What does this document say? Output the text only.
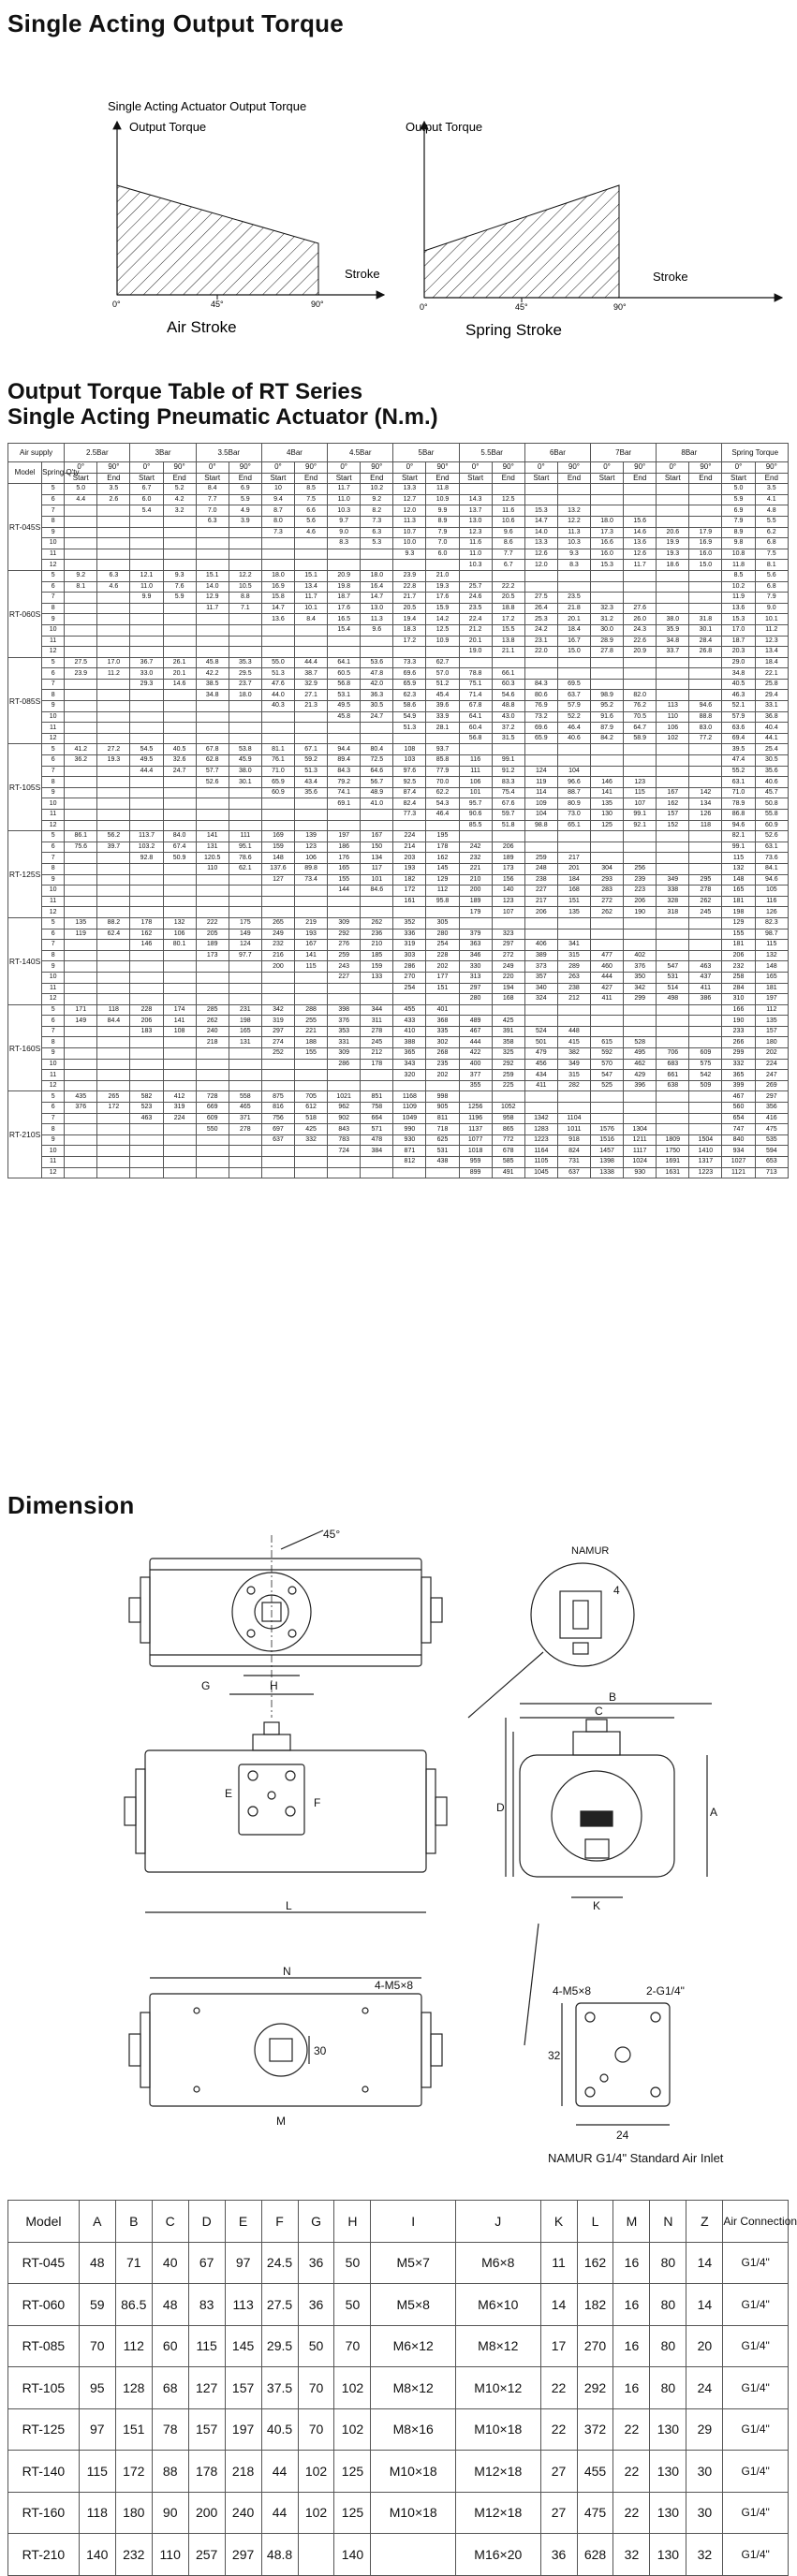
Single Acting Output Torque
Single Acting Actuator Output Torque
Output Torque
0°	45°	90°
Stroke
Air Stroke
Output Torque
0°	45°	90°
Stroke
Spring Stroke
Output Torque Table of RT Series
Single Acting Pneumatic Actuator (N.m.)
Air supply		2.5Bar		3Bar		3.5Bar		4Bar		4.5Bar		5Bar		5.5Bar		6Bar		7Bar		8Bar		Spring Torque	
Model	Spring Q'ty	0°	90°	0°	90°	0°	90°	0°	90°	0°	90°	0°	90°	0°	90°	0°	90°	0°	90°	0°	90°	0°	90°
		Start	End	Start	End	Start	End	Start	End	Start	End	Start	End	Start	End	Start	End	Start	End	Start	End	Start	End
RT-045S	5	5.0	3.5	6.7	5.2	8.4	6.9	10	8.5	11.7	10.2	13.3	11.8									5.0	3.5
	6	4.4	2.6	6.0	4.2	7.7	5.9	9.4	7.5	11.0	9.2	12.7	10.9	14.3	12.5							5.9	4.1
	7			5.4	3.2	7.0	4.9	8.7	6.6	10.3	8.2	12.0	9.9	13.7	11.6	15.3	13.2					6.9	4.8
	8					6.3	3.9	8.0	5.6	9.7	7.3	11.3	8.9	13.0	10.6	14.7	12.2	18.0	15.6			7.9	5.5
	9							7.3	4.6	9.0	6.3	10.7	7.9	12.3	9.6	14.0	11.3	17.3	14.6	20.6	17.9	8.9	6.2
	10									8.3	5.3	10.0	7.0	11.6	8.6	13.3	10.3	16.6	13.6	19.9	16.9	9.8	6.8
	11											9.3	6.0	11.0	7.7	12.6	9.3	16.0	12.6	19.3	16.0	10.8	7.5
	12													10.3	6.7	12.0	8.3	15.3	11.7	18.6	15.0	11.8	8.1
RT-060S	5	9.2	6.3	12.1	9.3	15.1	12.2	18.0	15.1	20.9	18.0	23.9	21.0									8.5	5.6
	6	8.1	4.6	11.0	7.6	14.0	10.5	16.9	13.4	19.8	16.4	22.8	19.3	25.7	22.2							10.2	6.8
	7			9.9	5.9	12.9	8.8	15.8	11.7	18.7	14.7	21.7	17.6	24.6	20.5	27.5	23.5					11.9	7.9
	8					11.7	7.1	14.7	10.1	17.6	13.0	20.5	15.9	23.5	18.8	26.4	21.8	32.3	27.6			13.6	9.0
	9							13.6	8.4	16.5	11.3	19.4	14.2	22.4	17.2	25.3	20.1	31.2	26.0	38.0	31.8	15.3	10.1
	10									15.4	9.6	18.3	12.5	21.2	15.5	24.2	18.4	30.0	24.3	35.9	30.1	17.0	11.2
	11											17.2	10.9	20.1	13.8	23.1	16.7	28.9	22.6	34.8	28.4	18.7	12.3
	12													19.0	21.1	22.0	15.0	27.8	20.9	33.7	26.8	20.3	13.4
RT-085S	5	27.5	17.0	36.7	26.1	45.8	35.3	55.0	44.4	64.1	53.6	73.3	62.7									29.0	18.4
	6	23.9	11.2	33.0	20.1	42.2	29.5	51.3	38.7	60.5	47.8	69.6	57.0	78.8	66.1							34.8	22.1
	7			29.3	14.6	38.5	23.7	47.6	32.9	56.8	42.0	65.9	51.2	75.1	60.3	84.3	69.5					40.5	25.8
	8					34.8	18.0	44.0	27.1	53.1	36.3	62.3	45.4	71.4	54.6	80.6	63.7	98.9	82.0			46.3	29.4
	9							40.3	21.3	49.5	30.5	58.6	39.6	67.8	48.8	76.9	57.9	95.2	76.2	113	94.6	52.1	33.1
	10									45.8	24.7	54.9	33.9	64.1	43.0	73.2	52.2	91.6	70.5	110	88.8	57.9	36.8
	11											51.3	28.1	60.4	37.2	69.6	46.4	87.9	64.7	106	83.0	63.6	40.4
	12													56.8	31.5	65.9	40.6	84.2	58.9	102	77.2	69.4	44.1
RT-105S	5	41.2	27.2	54.5	40.5	67.8	53.8	81.1	67.1	94.4	80.4	108	93.7									39.5	25.4
	6	36.2	19.3	49.5	32.6	62.8	45.9	76.1	59.2	89.4	72.5	103	85.8	116	99.1							47.4	30.5
	7			44.4	24.7	57.7	38.0	71.0	51.3	84.3	64.6	97.6	77.9	111	91.2	124	104					55.2	35.6
	8					52.6	30.1	65.9	43.4	79.2	56.7	92.5	70.0	106	83.3	119	96.6	146	123			63.1	40.6
	9							60.9	35.6	74.1	48.9	87.4	62.2	101	75.4	114	88.7	141	115	167	142	71.0	45.7
	10									69.1	41.0	82.4	54.3	95.7	67.6	109	80.9	135	107	162	134	78.9	50.8
	11											77.3	46.4	90.6	59.7	104	73.0	130	99.1	157	126	86.8	55.8
	12													85.5	51.8	98.8	65.1	125	92.1	152	118	94.6	60.9
RT-125S	5	86.1	56.2	113.7	84.0	141	111	169	139	197	167	224	195									82.1	52.6
	6	75.6	39.7	103.2	67.4	131	95.1	159	123	186	150	214	178	242	206							99.1	63.1
	7			92.8	50.9	120.5	78.6	148	106	176	134	203	162	232	189	259	217					115	73.6
	8					110	62.1	137.6	89.8	165	117	193	145	221	173	248	201	304	256			132	84.1
	9							127	73.4	155	101	182	129	210	156	238	184	293	239	349	295	148	94.6
	10									144	84.6	172	112	200	140	227	168	283	223	338	278	165	105
	11											161	95.8	189	123	217	151	272	206	328	262	181	116
	12													179	107	206	135	262	190	318	245	198	126
RT-140S	5	135	88.2	178	132	222	175	265	219	309	262	352	305									129	82.3
	6	119	62.4	162	106	205	149	249	193	292	236	336	280	379	323							155	98.7
	7			146	80.1	189	124	232	167	276	210	319	254	363	297	406	341					181	115
	8					173	97.7	216	141	259	185	303	228	346	272	389	315	477	402			206	132
	9							200	115	243	159	286	202	330	249	373	289	460	376	547	463	232	148
	10									227	133	270	177	313	220	357	263	444	350	531	437	258	165
	11											254	151	297	194	340	238	427	342	514	411	284	181
	12													280	168	324	212	411	299	498	386	310	197
RT-160S	5	171	118	228	174	285	231	342	288	398	344	455	401									166	112
	6	149	84.4	206	141	262	198	319	255	376	311	433	368	489	425							190	135
	7			183	108	240	165	297	221	353	278	410	335	467	391	524	448					233	157
	8					218	131	274	188	331	245	388	302	444	358	501	415	615	528			266	180
	9							252	155	309	212	365	268	422	325	479	382	592	495	706	609	299	202
	10									286	178	343	235	400	292	456	349	570	462	683	575	332	224
	11											320	202	377	259	434	315	547	429	661	542	365	247
	12													355	225	411	282	525	396	638	509	399	269
RT-210S	5	435	265	582	412	728	558	875	705	1021	851	1168	998									467	297
	6	376	172	523	319	669	465	816	612	962	758	1109	905	1256	1052							560	356
	7			463	224	609	371	756	518	902	664	1049	811	1196	958	1342	1104					654	416
	8					550	278	697	425	843	571	990	718	1137	865	1283	1011	1576	1304			747	475
	9							637	332	783	478	930	625	1077	772	1223	918	1516	1211	1809	1504	840	535
	10									724	384	871	531	1018	678	1164	824	1457	1117	1750	1410	934	594
	11											812	438	959	585	1105	731	1398	1024	1691	1317	1027	653
	12													899	491	1045	637	1338	930	1631	1223	1121	713
Dimension
G	H
45°
L
E
F
B
C
D	A
K
N
M
30
4-M5×8	4-M5×8	2-G1/4"
32
24
4
NAMUR
NAMUR G1/4" Standard Air Inlet
Model	A	B	C	D	E	F	G	H	I	J	K	L	M	N	Z	Air Connection
RT-045	48	71	40	67	97	24.5	36	50	M5×7	M6×8	11	162	16	80	14	G1/4"
RT-060	59	86.5	48	83	113	27.5	36	50	M5×8	M6×10	14	182	16	80	14	G1/4"
RT-085	70	112	60	115	145	29.5	50	70	M6×12	M8×12	17	270	16	80	20	G1/4"
RT-105	95	128	68	127	157	37.5	70	102	M8×12	M10×12	22	292	16	80	24	G1/4"
RT-125	97	151	78	157	197	40.5	70	102	M8×16	M10×18	22	372	22	130	29	G1/4"
RT-140	115	172	88	178	218	44	102	125	M10×18	M12×18	27	455	22	130	30	G1/4"
RT-160	118	180	90	200	240	44	102	125	M10×18	M12×18	27	475	22	130	30	G1/4"
RT-210	140	232	110	257	297	48.8		140		M16×20	36	628	32	130	32	G1/4"
